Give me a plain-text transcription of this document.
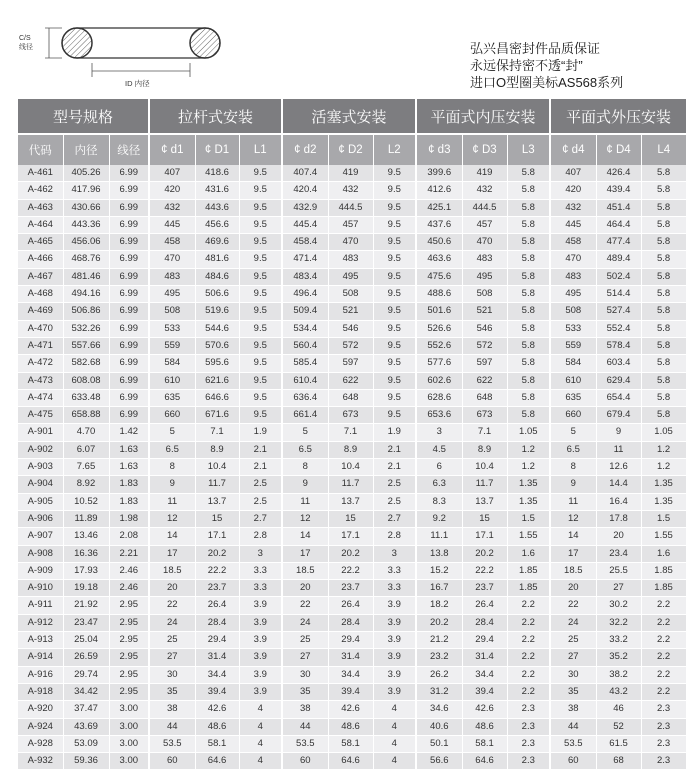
C/S
线径
ID 内径
弘兴昌密封件品质保证
永远保持密不透“封”
进口O型圈美标AS568系列
型号规格			拉杆式安装			活塞式安装			平面式内压安装			平面式外压安装		
代码	内径	线径	¢ d1	¢ D1	L1	¢ d2	¢ D2	L2	¢ d3	¢ D3	L3	¢ d4	¢ D4	L4
A-461	405.26	6.99	407	418.6	9.5	407.4	419	9.5	399.6	419	5.8	407	426.4	5.8
A-462	417.96	6.99	420	431.6	9.5	420.4	432	9.5	412.6	432	5.8	420	439.4	5.8
A-463	430.66	6.99	432	443.6	9.5	432.9	444.5	9.5	425.1	444.5	5.8	432	451.4	5.8
A-464	443.36	6.99	445	456.6	9.5	445.4	457	9.5	437.6	457	5.8	445	464.4	5.8
A-465	456.06	6.99	458	469.6	9.5	458.4	470	9.5	450.6	470	5.8	458	477.4	5.8
A-466	468.76	6.99	470	481.6	9.5	471.4	483	9.5	463.6	483	5.8	470	489.4	5.8
A-467	481.46	6.99	483	484.6	9.5	483.4	495	9.5	475.6	495	5.8	483	502.4	5.8
A-468	494.16	6.99	495	506.6	9.5	496.4	508	9.5	488.6	508	5.8	495	514.4	5.8
A-469	506.86	6.99	508	519.6	9.5	509.4	521	9.5	501.6	521	5.8	508	527.4	5.8
A-470	532.26	6.99	533	544.6	9.5	534.4	546	9.5	526.6	546	5.8	533	552.4	5.8
A-471	557.66	6.99	559	570.6	9.5	560.4	572	9.5	552.6	572	5.8	559	578.4	5.8
A-472	582.68	6.99	584	595.6	9.5	585.4	597	9.5	577.6	597	5.8	584	603.4	5.8
A-473	608.08	6.99	610	621.6	9.5	610.4	622	9.5	602.6	622	5.8	610	629.4	5.8
A-474	633.48	6.99	635	646.6	9.5	636.4	648	9.5	628.6	648	5.8	635	654.4	5.8
A-475	658.88	6.99	660	671.6	9.5	661.4	673	9.5	653.6	673	5.8	660	679.4	5.8
A-901	4.70	1.42	5	7.1	1.9	5	7.1	1.9	3	7.1	1.05	5	9	1.05
A-902	6.07	1.63	6.5	8.9	2.1	6.5	8.9	2.1	4.5	8.9	1.2	6.5	11	1.2
A-903	7.65	1.63	8	10.4	2.1	8	10.4	2.1	6	10.4	1.2	8	12.6	1.2
A-904	8.92	1.83	9	11.7	2.5	9	11.7	2.5	6.3	11.7	1.35	9	14.4	1.35
A-905	10.52	1.83	11	13.7	2.5	11	13.7	2.5	8.3	13.7	1.35	11	16.4	1.35
A-906	11.89	1.98	12	15	2.7	12	15	2.7	9.2	15	1.5	12	17.8	1.5
A-907	13.46	2.08	14	17.1	2.8	14	17.1	2.8	11.1	17.1	1.55	14	20	1.55
A-908	16.36	2.21	17	20.2	3	17	20.2	3	13.8	20.2	1.6	17	23.4	1.6
A-909	17.93	2.46	18.5	22.2	3.3	18.5	22.2	3.3	15.2	22.2	1.85	18.5	25.5	1.85
A-910	19.18	2.46	20	23.7	3.3	20	23.7	3.3	16.7	23.7	1.85	20	27	1.85
A-911	21.92	2.95	22	26.4	3.9	22	26.4	3.9	18.2	26.4	2.2	22	30.2	2.2
A-912	23.47	2.95	24	28.4	3.9	24	28.4	3.9	20.2	28.4	2.2	24	32.2	2.2
A-913	25.04	2.95	25	29.4	3.9	25	29.4	3.9	21.2	29.4	2.2	25	33.2	2.2
A-914	26.59	2.95	27	31.4	3.9	27	31.4	3.9	23.2	31.4	2.2	27	35.2	2.2
A-916	29.74	2.95	30	34.4	3.9	30	34.4	3.9	26.2	34.4	2.2	30	38.2	2.2
A-918	34.42	2.95	35	39.4	3.9	35	39.4	3.9	31.2	39.4	2.2	35	43.2	2.2
A-920	37.47	3.00	38	42.6	4	38	42.6	4	34.6	42.6	2.3	38	46	2.3
A-924	43.69	3.00	44	48.6	4	44	48.6	4	40.6	48.6	2.3	44	52	2.3
A-928	53.09	3.00	53.5	58.1	4	53.5	58.1	4	50.1	58.1	2.3	53.5	61.5	2.3
A-932	59.36	3.00	60	64.6	4	60	64.6	4	56.6	64.6	2.3	60	68	2.3
